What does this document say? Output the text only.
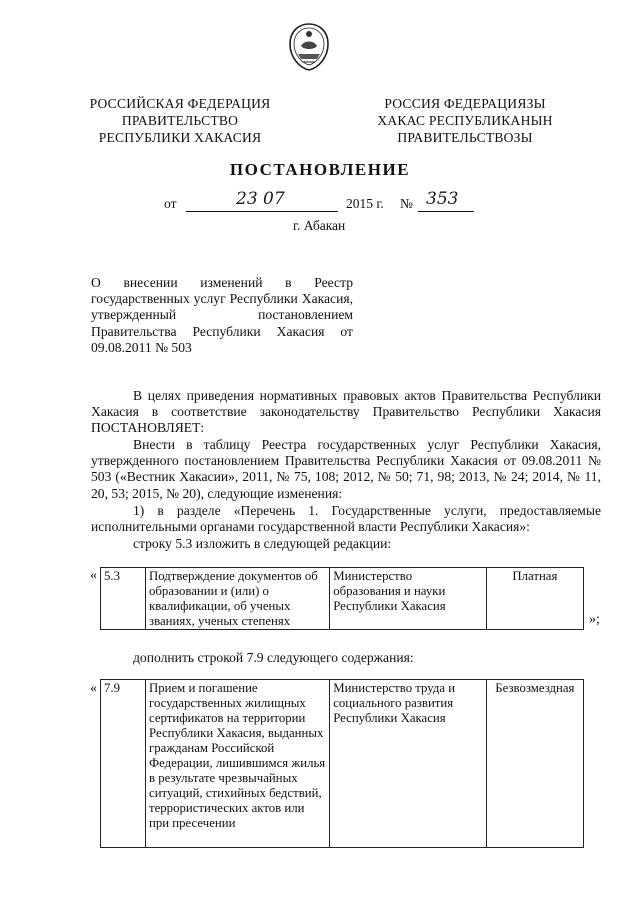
РОССИЙСКАЯ ФЕДЕРАЦИЯ
ПРАВИТЕЛЬСТВО
РЕСПУБЛИКИ ХАКАСИЯ
РОССИЯ ФЕДЕРАЦИЯЗЫ
ХАКАС РЕСПУБЛИКАНЫН
ПРАВИТЕЛЬСТВОЗЫ
ПОСТАНОВЛЕНИЕ
от	23 07	2015 г. № 353
г. Абакан
О внесении изменений в Реестр государственных услуг Республики Хакасия, утвержденный постановлением Правительства Республики Хакасия от 09.08.2011 № 503
В целях приведения нормативных правовых актов Правительства Республики Хакасия в соответствие законодательству Правительство Республики Хакасия ПОСТАНОВЛЯЕТ:
Внести в таблицу Реестра государственных услуг Республики Хакасия, утвержденного постановлением Правительства Республики Хакасия от 09.08.2011 № 503 («Вестник Хакасии», 2011, № 75, 108; 2012, № 50; 71, 98; 2013, № 24; 2014, № 11, 20, 53; 2015, № 20), следующие изменения:
1) в разделе «Перечень 1. Государственные услуги, предоставляемые исполнительными органами государственной власти Республики Хакасия»:
строку 5.3 изложить в следующей редакции:
« 5.3	Подтверждение документов об образовании и (или) о квалификации, об ученых званиях, ученых степенях	Министерство образования и науки Республики Хакасия	Платная
»;
дополнить строкой 7.9 следующего содержания:
« 7.9	Прием и погашение государственных жилищных сертификатов на территории Республики Хакасия, выданных гражданам Российской Федерации, лишившимся жилья в результате чрезвычайных ситуаций, стихийных бедствий, террористических актов или при пресечении	Министерство труда и социального развития Республики Хакасия	Безвозмездная
